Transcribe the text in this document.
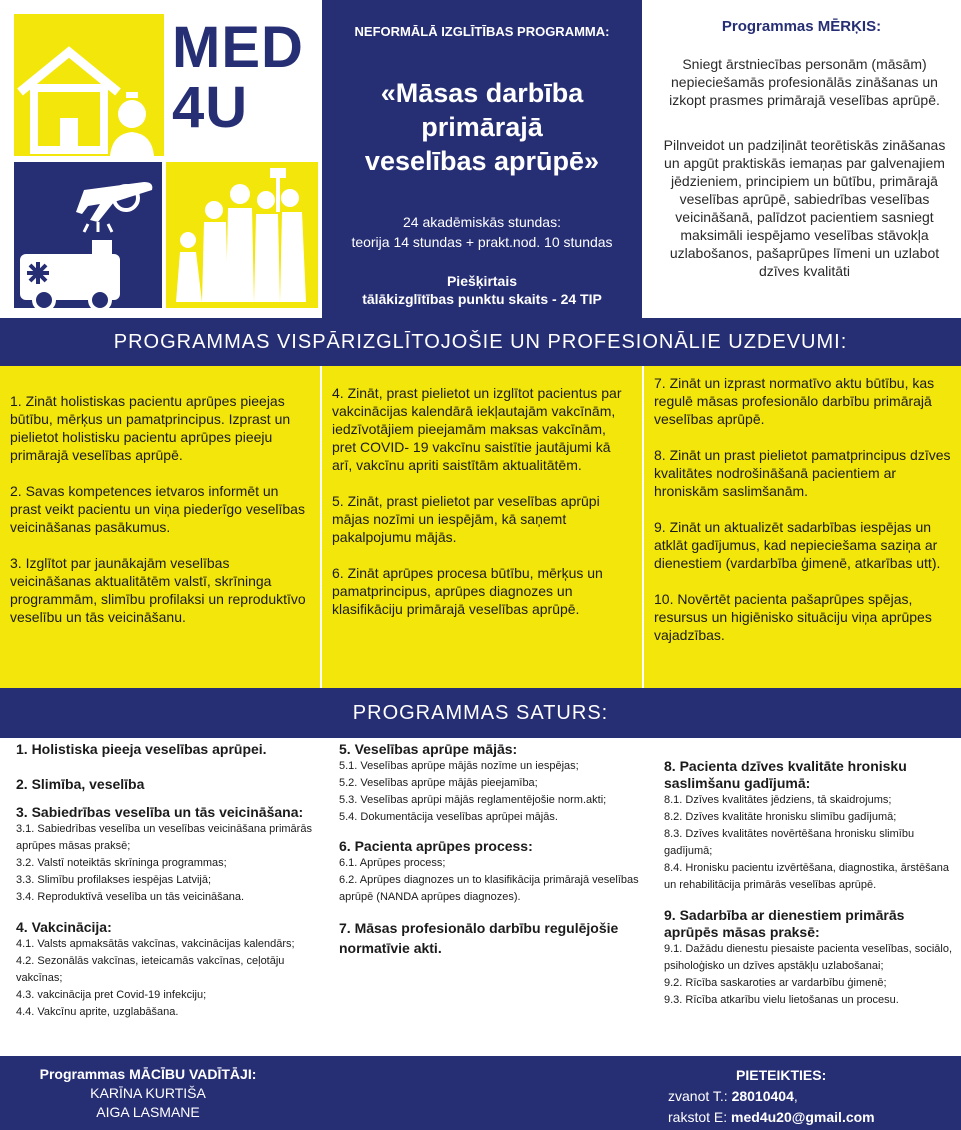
MED
4U
NEFORMĀLĀ IZGLĪTĪBAS PROGRAMMA:
«Māsas darbība
primārajā
veselības aprūpē»
24 akadēmiskās stundas:
teorija 14 stundas + prakt.nod. 10 stundas
Piešķirtais
tālākizglītības punktu skaits - 24 TIP
Programmas MĒRĶIS:
Sniegt ārstniecības personām (māsām) nepieciešamās profesionālās zināšanas un izkopt prasmes primārajā veselības aprūpē.
Pilnveidot un padziļināt teorētiskās zināšanas un apgūt praktiskās iemaņas par galvenajiem jēdzieniem, principiem un būtību, primārajā veselības aprūpē, sabiedrības veselības veicināšanā, palīdzot pacientiem sasniegt maksimāli iespējamo veselības stāvokļa uzlabošanos, pašaprūpes līmeni un uzlabot dzīves kvalitāti
PROGRAMMAS VISPĀRIZGLĪTOJOŠIE UN PROFESIONĀLIE UZDEVUMI:

1. Zināt holistiskas pacientu aprūpes pieejas būtību, mērķus un pamatprincipus. Izprast un pielietot holistisku pacientu aprūpes pieeju primārajā veselības aprūpē.

2. Savas kompetences ietvaros informēt un prast veikt pacientu un viņa piederīgo veselības veicināšanas pasākumus.

3. Izglītot par jaunākajām veselības veicināšanas aktualitātēm valstī, skrīninga programmām, slimību profilaksi un reproduktīvo veselību un tās veicināšanu.

4. Zināt, prast pielietot un izglītot pacientus par vakcinācijas kalendārā iekļautajām vakcīnām, iedzīvotājiem pieejamām maksas vakcīnām, pret COVID- 19 vakcīnu saistītie jautājumi kā arī, vakcīnu apriti saistītām aktualitātēm.

5. Zināt, prast pielietot par veselības aprūpi mājas nozīmi un iespējām, kā saņemt pakalpojumu mājās.

6. Zināt aprūpes procesa būtību, mērķus un pamatprincipus, aprūpes diagnozes un klasifikāciju primārajā veselības aprūpē.

7. Zināt un izprast normatīvo aktu būtību, kas regulē māsas profesionālo darbību primārajā veselības aprūpē.

8. Zināt un prast pielietot pamatprincipus dzīves kvalitātes nodrošināšanā pacientiem ar hroniskām saslimšanām.

9. Zināt un aktualizēt sadarbības iespējas un atklāt gadījumus, kad nepieciešama saziņa ar dienestiem (vardarbība ģimenē, atkarības utt).

10. Novērtēt pacienta pašaprūpes spējas, resursus un higiēnisko situāciju viņa aprūpes vajadzības.

PROGRAMMAS SATURS:
1. Holistiska pieeja veselības aprūpei.
2. Slimība, veselība
3. Sabiedrības veselība un tās veicināšana:
3.1. Sabiedrības veselība un veselības veicināšana primārās aprūpes māsas praksē;
3.2. Valstī noteiktās skrīninga programmas;
3.3. Slimību profilakses iespējas Latvijā;
3.4. Reproduktīvā veselība un tās veicināšana.
4. Vakcinācija:
4.1. Valsts apmaksātās vakcīnas, vakcinācijas kalendārs;
4.2. Sezonālās vakcīnas, ieteicamās vakcīnas, ceļotāju vakcīnas;
4.3. vakcinācija pret Covid-19 infekciju;
4.4. Vakcīnu aprite, uzglabāšana.
5. Veselības aprūpe mājās:
5.1. Veselības aprūpe mājās nozīme un iespējas;
5.2. Veselības aprūpe mājās pieejamība;
5.3. Veselības aprūpi mājās reglamentējošie norm.akti;
5.4. Dokumentācija veselības aprūpei mājās.
6. Pacienta aprūpes process:
6.1. Aprūpes process;
6.2. Aprūpes diagnozes un to klasifikācija primārajā veselības aprūpē (NANDA aprūpes diagnozes).
7. Māsas profesionālo darbību regulējošie normatīvie akti.
8. Pacienta dzīves kvalitāte hronisku saslimšanu gadījumā:
8.1. Dzīves kvalitātes jēdziens, tā skaidrojums;
8.2. Dzīves kvalitāte hronisku slimību gadījumā;
8.3. Dzīves kvalitātes novērtēšana hronisku slimību gadījumā;
8.4. Hronisku pacientu izvērtēšana, diagnostika, ārstēšana un rehabilitācija primārās veselības aprūpē.
9. Sadarbība ar dienestiem primārās aprūpēs māsas praksē:
9.1. Dažādu dienestu piesaiste pacienta veselības, sociālo, psiholoģisko un dzīves apstākļu uzlabošanai;
9.2. Rīcība saskaroties ar vardarbību ģimenē;
9.3. Rīcība atkarību vielu lietošanas un procesu.
Programmas MĀCĪBU VADĪTĀJI:
KARĪNA KURTIŠA
AIGA LASMANE
PIETEIKTIES:
zvanot T.: 28010404,
rakstot E: med4u20@gmail.com
